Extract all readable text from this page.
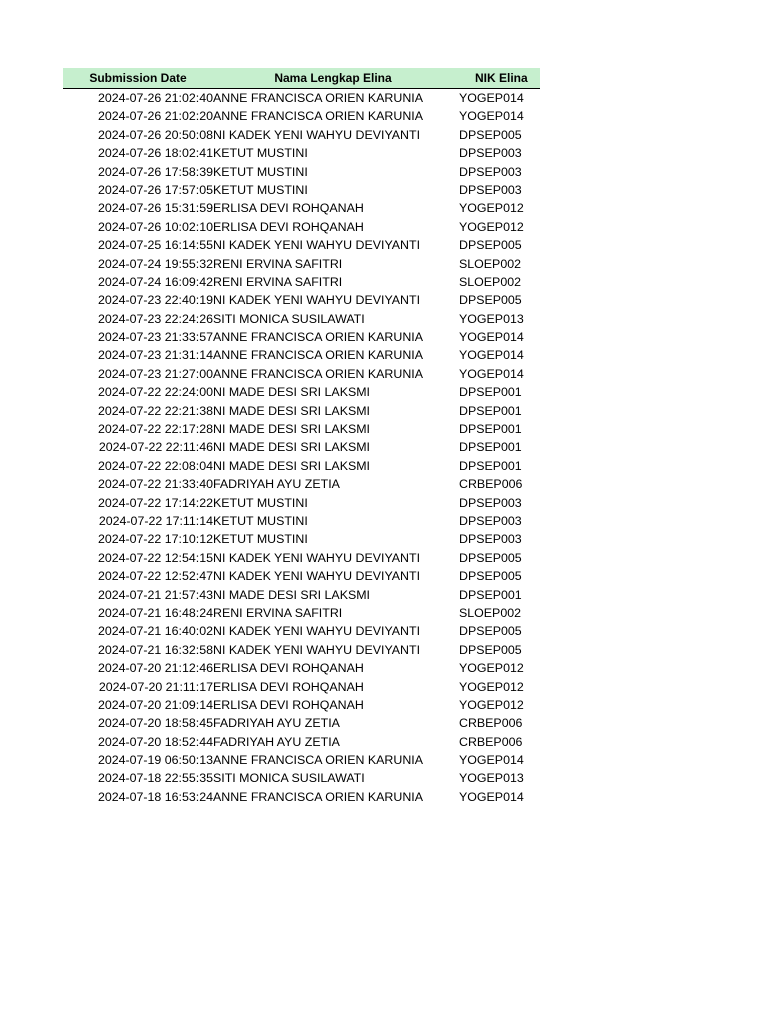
Submission Date	Nama Lengkap Elina	NIK Elina
2024-07-26 21:02:40 ANNE FRANCISCA ORIEN KARUNIA	YOGEP014
2024-07-26 21:02:20 ANNE FRANCISCA ORIEN KARUNIA	YOGEP014
2024-07-26 20:50:08 NI KADEK YENI WAHYU DEVIYANTI	DPSEP005
2024-07-26 18:02:41 KETUT MUSTINI	DPSEP003
2024-07-26 17:58:39 KETUT MUSTINI	DPSEP003
2024-07-26 17:57:05 KETUT MUSTINI	DPSEP003
2024-07-26 15:31:59 ERLISA DEVI ROHQANAH	YOGEP012
2024-07-26 10:02:10 ERLISA DEVI ROHQANAH	YOGEP012
2024-07-25 16:14:55 NI KADEK YENI WAHYU DEVIYANTI	DPSEP005
2024-07-24 19:55:32 RENI ERVINA SAFITRI	SLOEP002
2024-07-24 16:09:42 RENI ERVINA SAFITRI	SLOEP002
2024-07-23 22:40:19 NI KADEK YENI WAHYU DEVIYANTI	DPSEP005
2024-07-23 22:24:26 SITI MONICA SUSILAWATI	YOGEP013
2024-07-23 21:33:57 ANNE FRANCISCA ORIEN KARUNIA	YOGEP014
2024-07-23 21:31:14 ANNE FRANCISCA ORIEN KARUNIA	YOGEP014
2024-07-23 21:27:00 ANNE FRANCISCA ORIEN KARUNIA	YOGEP014
2024-07-22 22:24:00 NI MADE DESI SRI LAKSMI	DPSEP001
2024-07-22 22:21:38 NI MADE DESI SRI LAKSMI	DPSEP001
2024-07-22 22:17:28 NI MADE DESI SRI LAKSMI	DPSEP001
2024-07-22 22:11:46 NI MADE DESI SRI LAKSMI	DPSEP001
2024-07-22 22:08:04 NI MADE DESI SRI LAKSMI	DPSEP001
2024-07-22 21:33:40 FADRIYAH AYU ZETIA	CRBEP006
2024-07-22 17:14:22 KETUT MUSTINI	DPSEP003
2024-07-22 17:11:14 KETUT MUSTINI	DPSEP003
2024-07-22 17:10:12 KETUT MUSTINI	DPSEP003
2024-07-22 12:54:15 NI KADEK YENI WAHYU DEVIYANTI	DPSEP005
2024-07-22 12:52:47 NI KADEK YENI WAHYU DEVIYANTI	DPSEP005
2024-07-21 21:57:43 NI MADE DESI SRI LAKSMI	DPSEP001
2024-07-21 16:48:24 RENI ERVINA SAFITRI	SLOEP002
2024-07-21 16:40:02 NI KADEK YENI WAHYU DEVIYANTI	DPSEP005
2024-07-21 16:32:58 NI KADEK YENI WAHYU DEVIYANTI	DPSEP005
2024-07-20 21:12:46 ERLISA DEVI ROHQANAH	YOGEP012
2024-07-20 21:11:17 ERLISA DEVI ROHQANAH	YOGEP012
2024-07-20 21:09:14 ERLISA DEVI ROHQANAH	YOGEP012
2024-07-20 18:58:45 FADRIYAH AYU ZETIA	CRBEP006
2024-07-20 18:52:44 FADRIYAH AYU ZETIA	CRBEP006
2024-07-19 06:50:13 ANNE FRANCISCA ORIEN KARUNIA	YOGEP014
2024-07-18 22:55:35 SITI MONICA SUSILAWATI	YOGEP013
2024-07-18 16:53:24 ANNE FRANCISCA ORIEN KARUNIA	YOGEP014
